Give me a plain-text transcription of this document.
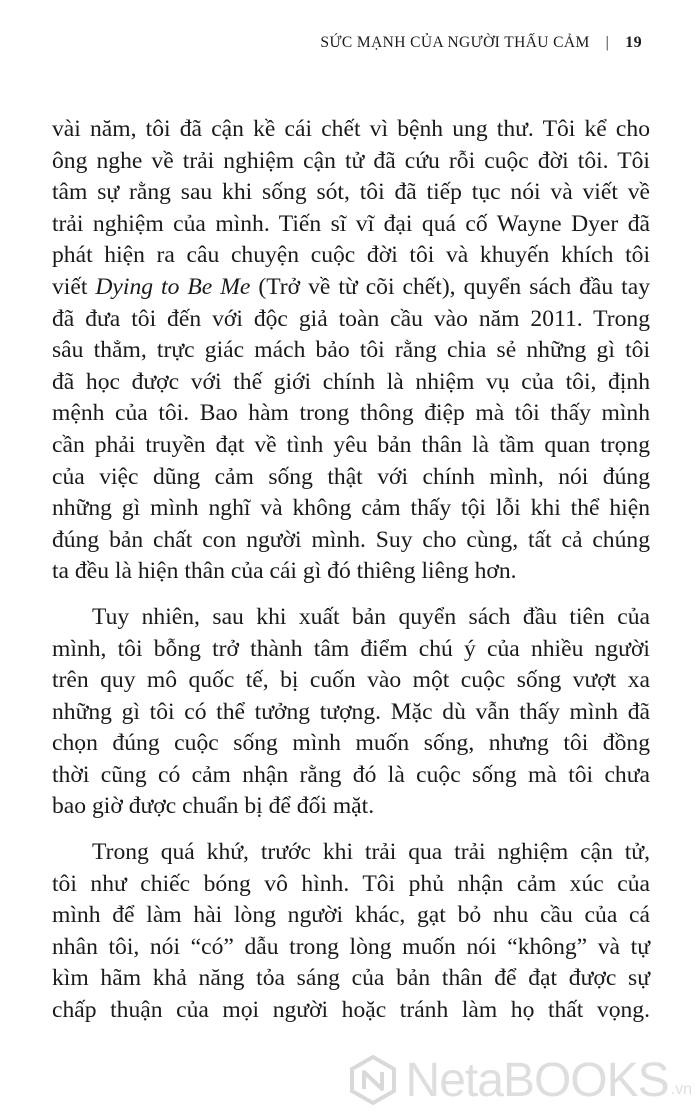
SỨC MẠNH CỦA NGƯỜI THẤU CẢM | 19
vài năm, tôi đã cận kề cái chết vì bệnh ung thư. Tôi kể cho
ông nghe về trải nghiệm cận tử đã cứu rỗi cuộc đời tôi. Tôi
tâm sự rằng sau khi sống sót, tôi đã tiếp tục nói và viết về
trải nghiệm của mình. Tiến sĩ vĩ đại quá cố Wayne Dyer đã
phát hiện ra câu chuyện cuộc đời tôi và khuyến khích tôi
viết Dying to Be Me (Trở về từ cõi chết), quyển sách đầu tay
đã đưa tôi đến với độc giả toàn cầu vào năm 2011. Trong
sâu thẳm, trực giác mách bảo tôi rằng chia sẻ những gì tôi
đã học được với thế giới chính là nhiệm vụ của tôi, định
mệnh của tôi. Bao hàm trong thông điệp mà tôi thấy mình
cần phải truyền đạt về tình yêu bản thân là tầm quan trọng
của việc dũng cảm sống thật với chính mình, nói đúng
những gì mình nghĩ và không cảm thấy tội lỗi khi thể hiện
đúng bản chất con người mình. Suy cho cùng, tất cả chúng
ta đều là hiện thân của cái gì đó thiêng liêng hơn.
Tuy nhiên, sau khi xuất bản quyển sách đầu tiên của
mình, tôi bỗng trở thành tâm điểm chú ý của nhiều người
trên quy mô quốc tế, bị cuốn vào một cuộc sống vượt xa
những gì tôi có thể tưởng tượng. Mặc dù vẫn thấy mình đã
chọn đúng cuộc sống mình muốn sống, nhưng tôi đồng
thời cũng có cảm nhận rằng đó là cuộc sống mà tôi chưa
bao giờ được chuẩn bị để đối mặt.
Trong quá khứ, trước khi trải qua trải nghiệm cận tử,
tôi như chiếc bóng vô hình. Tôi phủ nhận cảm xúc của
mình để làm hài lòng người khác, gạt bỏ nhu cầu của cá
nhân tôi, nói “có” dẫu trong lòng muốn nói “không” và tự
kìm hãm khả năng tỏa sáng của bản thân để đạt được sự
chấp thuận của mọi người hoặc tránh làm họ thất vọng.
NetaBOOKS .vn
